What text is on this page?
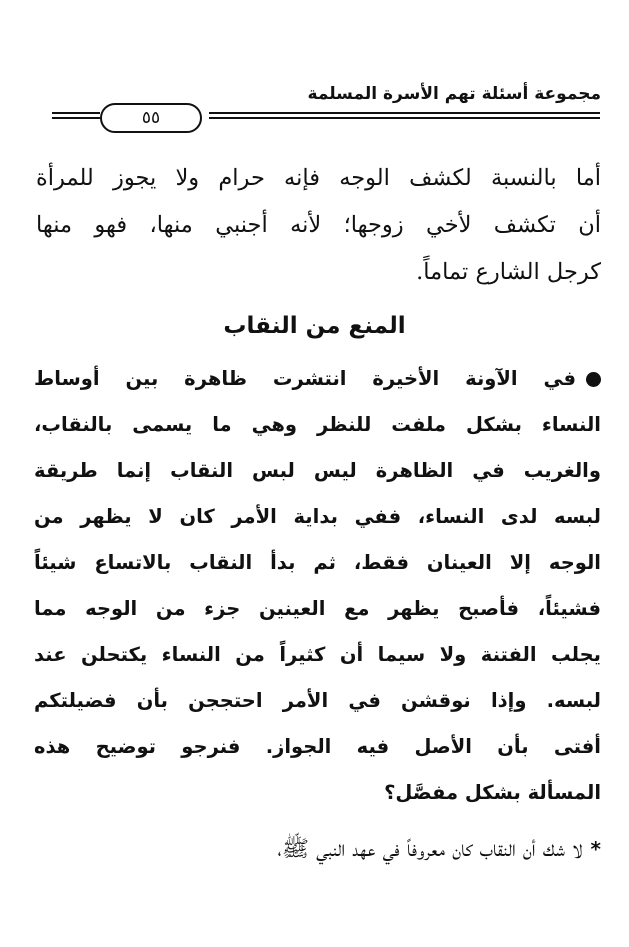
مجموعة أسئلة تهم الأسرة المسلمة
٥٥
أما بالنسبة لكشف الوجه فإنه حرام ولا يجوز للمرأة
أن تكشف لأخي زوجها؛ لأنه أجنبي منها، فهو منها
كرجل الشارع تماماً.
المنع من النقاب
في الآونة الأخيرة انتشرت ظاهرة بين أوساط
النساء بشكل ملفت للنظر وهي ما يسمى بالنقاب،
والغريب في الظاهرة ليس لبس النقاب إنما طريقة
لبسه لدى النساء، ففي بداية الأمر كان لا يظهر من
الوجه إلا العينان فقط، ثم بدأ النقاب بالاتساع شيئاً
فشيئاً، فأصبح يظهر مع العينين جزء من الوجه مما
يجلب الفتنة ولا سيما أن كثيراً من النساء يكتحلن عند
لبسه. وإذا نوقشن في الأمر احتججن بأن فضيلتكم
أفتى بأن الأصل فيه الجواز. فنرجو توضيح هذه
المسألة بشكل مفصَّل؟
*لا شك أن النقاب كان معروفاً في عهد النبي ﷺ،
